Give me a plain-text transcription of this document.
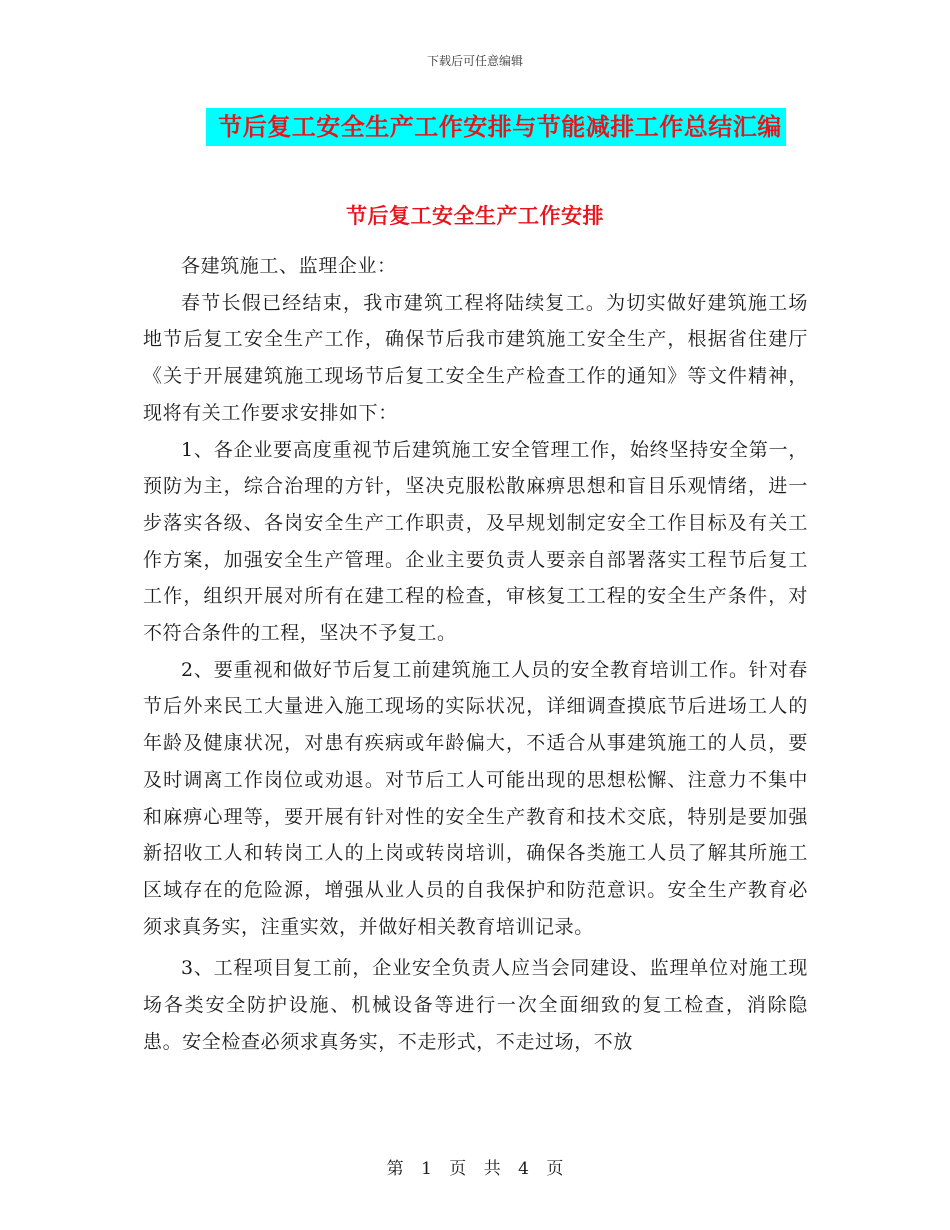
下载后可任意编辑
节后复工安全生产工作安排与节能减排工作总结汇编
节后复工安全生产工作安排

各建筑施工、监理企业：

春节长假已经结束，我市建筑工程将陆续复工。为切实做好建筑施工场地节后复工安全生产工作，确保节后我市建筑施工安全生产，根据省住建厅《关于开展建筑施工现场节后复工安全生产检查工作的通知》等文件精神，现将有关工作要求安排如下：

1、各企业要高度重视节后建筑施工安全管理工作，始终坚持安全第一，预防为主，综合治理的方针，坚决克服松散麻痹思想和盲目乐观情绪，进一步落实各级、各岗安全生产工作职责，及早规划制定安全工作目标及有关工作方案，加强安全生产管理。企业主要负责人要亲自部署落实工程节后复工工作，组织开展对所有在建工程的检查，审核复工工程的安全生产条件，对不符合条件的工程，坚决不予复工。

2、要重视和做好节后复工前建筑施工人员的安全教育培训工作。针对春节后外来民工大量进入施工现场的实际状况，详细调查摸底节后进场工人的年龄及健康状况，对患有疾病或年龄偏大，不适合从事建筑施工的人员，要及时调离工作岗位或劝退。对节后工人可能出现的思想松懈、注意力不集中和麻痹心理等，要开展有针对性的安全生产教育和技术交底，特别是要加强新招收工人和转岗工人的上岗或转岗培训，确保各类施工人员了解其所施工区域存在的危险源，增强从业人员的自我保护和防范意识。安全生产教育必须求真务实，注重实效，并做好相关教育培训记录。

3、工程项目复工前，企业安全负责人应当会同建设、监理单位对施工现场各类安全防护设施、机械设备等进行一次全面细致的复工检查，消除隐患。安全检查必须求真务实，不走形式，不走过场，不放

第 1 页 共 4 页
